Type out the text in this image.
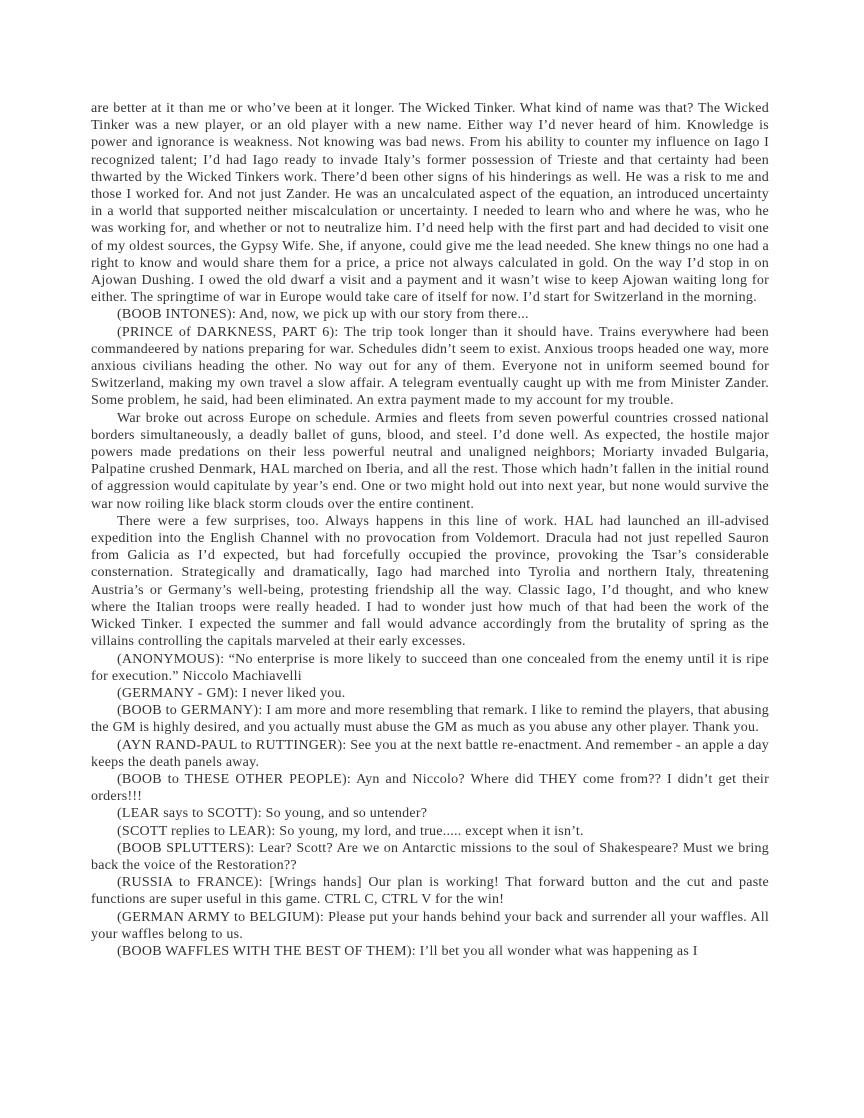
are better at it than me or who’ve been at it longer. The Wicked Tinker. What kind of name was that? The Wicked Tinker was a new player, or an old player with a new name. Either way I’d never heard of him. Knowledge is power and ignorance is weakness. Not knowing was bad news. From his ability to counter my influence on Iago I recognized talent; I’d had Iago ready to invade Italy’s former possession of Trieste and that certainty had been thwarted by the Wicked Tinkers work. There’d been other signs of his hinderings as well. He was a risk to me and those I worked for. And not just Zander. He was an uncalculated aspect of the equation, an introduced uncertainty in a world that supported neither miscalculation or uncertainty. I needed to learn who and where he was, who he was working for, and whether or not to neutralize him. I’d need help with the first part and had decided to visit one of my oldest sources, the Gypsy Wife. She, if anyone, could give me the lead needed. She knew things no one had a right to know and would share them for a price, a price not always calculated in gold. On the way I’d stop in on Ajowan Dushing. I owed the old dwarf a visit and a payment and it wasn’t wise to keep Ajowan waiting long for either. The springtime of war in Europe would take care of itself for now. I’d start for Switzerland in the morning.

(BOOB INTONES): And, now, we pick up with our story from there...

(PRINCE of DARKNESS, PART 6): The trip took longer than it should have. Trains everywhere had been commandeered by nations preparing for war. Schedules didn’t seem to exist. Anxious troops headed one way, more anxious civilians heading the other. No way out for any of them. Everyone not in uniform seemed bound for Switzerland, making my own travel a slow affair. A telegram eventually caught up with me from Minister Zander. Some problem, he said, had been eliminated. An extra payment made to my account for my trouble.

War broke out across Europe on schedule. Armies and fleets from seven powerful countries crossed national borders simultaneously, a deadly ballet of guns, blood, and steel. I’d done well. As expected, the hostile major powers made predations on their less powerful neutral and unaligned neighbors; Moriarty invaded Bulgaria, Palpatine crushed Denmark, HAL marched on Iberia, and all the rest. Those which hadn’t fallen in the initial round of aggression would capitulate by year’s end. One or two might hold out into next year, but none would survive the war now roiling like black storm clouds over the entire continent.

There were a few surprises, too. Always happens in this line of work. HAL had launched an ill-advised expedition into the English Channel with no provocation from Voldemort. Dracula had not just repelled Sauron from Galicia as I’d expected, but had forcefully occupied the province, provoking the Tsar’s considerable consternation. Strategically and dramatically, Iago had marched into Tyrolia and northern Italy, threatening Austria’s or Germany’s well-being, protesting friendship all the way. Classic Iago, I’d thought, and who knew where the Italian troops were really headed. I had to wonder just how much of that had been the work of the Wicked Tinker. I expected the summer and fall would advance accordingly from the brutality of spring as the villains controlling the capitals marveled at their early excesses.

(ANONYMOUS): “No enterprise is more likely to succeed than one concealed from the enemy until it is ripe for execution.” Niccolo Machiavelli

(GERMANY - GM): I never liked you.

(BOOB to GERMANY): I am more and more resembling that remark. I like to remind the players, that abusing the GM is highly desired, and you actually must abuse the GM as much as you abuse any other player. Thank you.

(AYN RAND-PAUL to RUTTINGER): See you at the next battle re-enactment. And remember - an apple a day keeps the death panels away.

(BOOB to THESE OTHER PEOPLE): Ayn and Niccolo? Where did THEY come from?? I didn’t get their orders!!!

(LEAR says to SCOTT): So young, and so untender?

(SCOTT replies to LEAR): So young, my lord, and true..... except when it isn’t.

(BOOB SPLUTTERS): Lear? Scott? Are we on Antarctic missions to the soul of Shakespeare? Must we bring back the voice of the Restoration??

(RUSSIA to FRANCE): [Wrings hands] Our plan is working! That forward button and the cut and paste functions are super useful in this game. CTRL C, CTRL V for the win!

(GERMAN ARMY to BELGIUM): Please put your hands behind your back and surrender all your waffles. All your waffles belong to us.

(BOOB WAFFLES WITH THE BEST OF THEM): I’ll bet you all wonder what was happening as I
